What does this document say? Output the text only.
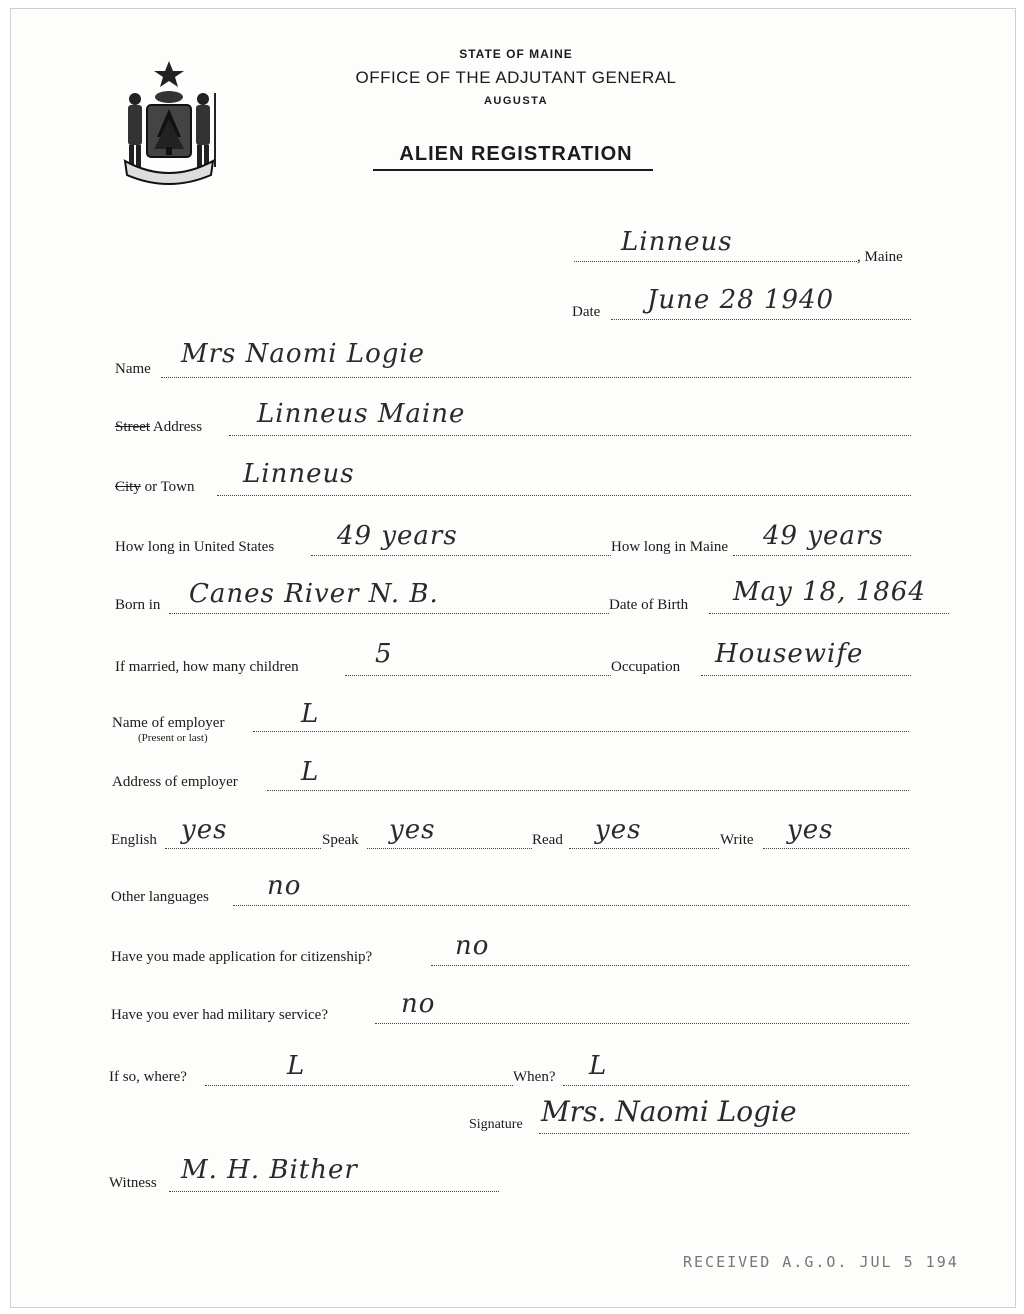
STATE OF MAINE
OFFICE OF THE ADJUTANT GENERAL
AUGUSTA
ALIEN REGISTRATION
Linneus	, Maine
Date June 28 1940
Name Mrs Naomi Logie
Street Address Linneus Maine
City or Town Linneus
How long in United States 49 years	How long in Maine 49 years
Born in Canes River N. B.	Date of Birth May 18, 1864
If married, how many children	5	Occupation Housewife
Name of employer
(Present or last)
L
Address of employer L
English yes	Speak yes	Read yes	Write yes
Other languages no
Have you made application for citizenship?	no
Have you ever had military service?	no
If so, where?	L	When? L
Signature Mrs. Naomi Logie
Witness M. H. Bither
RECEIVED A.G.O. JUL 5 194
